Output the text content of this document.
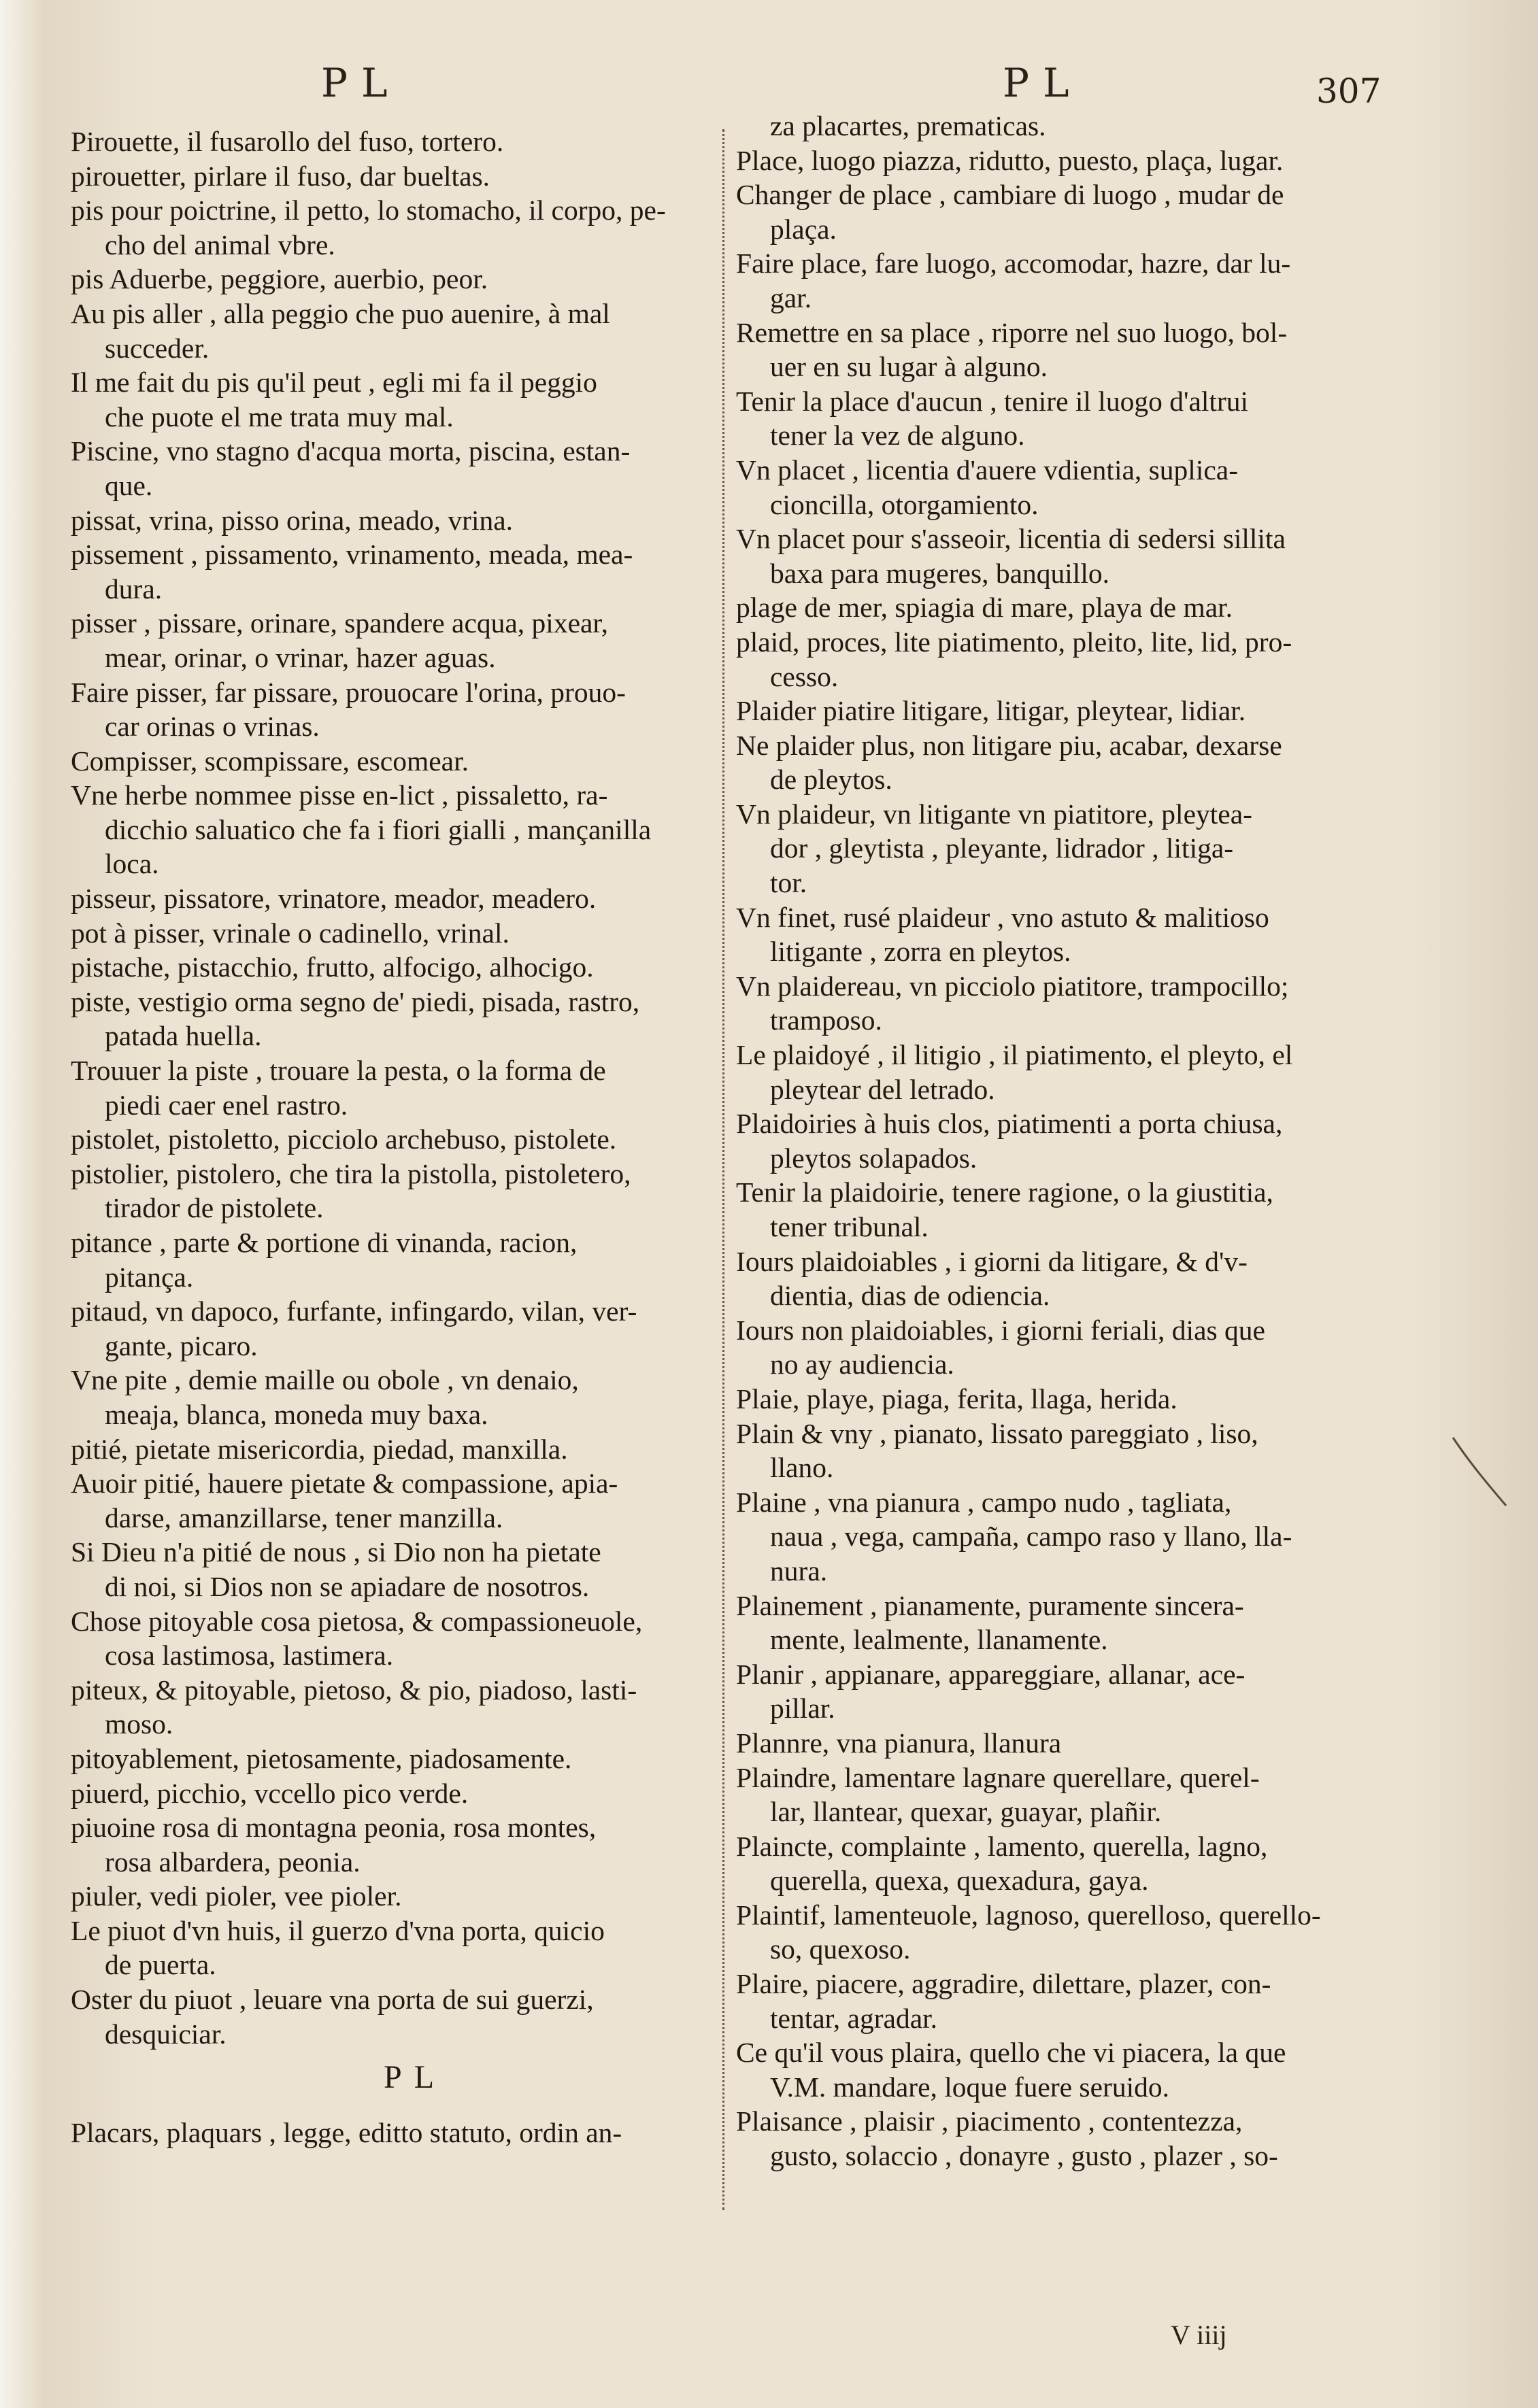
PL	PL	307
Pirouette, il fusarollo del fuso, tortero.
pirouetter, pirlare il fuso, dar bueltas.
pis pour poictrine, il petto, lo stomacho, il corpo, pe-
cho del animal vbre.
pis Aduerbe, peggiore, auerbio, peor.
Au pis aller , alla peggio che puo auenire, à mal
succeder.
Il me fait du pis qu'il peut , egli mi fa il peggio
che puote el me trata muy mal.
Piscine, vno stagno d'acqua morta, piscina, estan-
que.
pissat, vrina, pisso orina, meado, vrina.
pissement , pissamento, vrinamento, meada, mea-
dura.
pisser , pissare, orinare, spandere acqua, pixear,
mear, orinar, o vrinar, hazer aguas.
Faire pisser, far pissare, prouocare l'orina, prouo-
car orinas o vrinas.
Compisser, scompissare, escomear.
Vne herbe nommee pisse en-lict , pissaletto, ra-
dicchio saluatico che fa i fiori gialli , mançanilla
loca.
pisseur, pissatore, vrinatore, meador, meadero.
pot à pisser, vrinale o cadinello, vrinal.
pistache, pistacchio, frutto, alfocigo, alhocigo.
piste, vestigio orma segno de' piedi, pisada, rastro,
patada huella.
Trouuer la piste , trouare la pesta, o la forma de
piedi caer enel rastro.
pistolet, pistoletto, picciolo archebuso, pistolete.
pistolier, pistolero, che tira la pistolla, pistoletero,
tirador de pistolete.
pitance , parte & portione di vinanda, racion,
pitança.
pitaud, vn dapoco, furfante, infingardo, vilan, ver-
gante, picaro.
Vne pite , demie maille ou obole , vn denaio,
meaja, blanca, moneda muy baxa.
pitié, pietate misericordia, piedad, manxilla.
Auoir pitié, hauere pietate & compassione, apia-
darse, amanzillarse, tener manzilla.
Si Dieu n'a pitié de nous , si Dio non ha pietate
di noi, si Dios non se apiadare de nosotros.
Chose pitoyable cosa pietosa, & compassioneuole,
cosa lastimosa, lastimera.
piteux, & pitoyable, pietoso, & pio, piadoso, lasti-
moso.
pitoyablement, pietosamente, piadosamente.
piuerd, picchio, vccello pico verde.
piuoine rosa di montagna peonia, rosa montes,
rosa albardera, peonia.
piuler, vedi pioler, vee pioler.
Le piuot d'vn huis, il guerzo d'vna porta, quicio
de puerta.
Oster du piuot , leuare vna porta de sui guerzi,
desquiciar.
PL
Placars, plaquars , legge, editto statuto, ordin an-
za placartes, prematicas.
Place, luogo piazza, ridutto, puesto, plaça, lugar.
Changer de place , cambiare di luogo , mudar de
plaça.
Faire place, fare luogo, accomodar, hazre, dar lu-
gar.
Remettre en sa place , riporre nel suo luogo, bol-
uer en su lugar à alguno.
Tenir la place d'aucun , tenire il luogo d'altrui
tener la vez de alguno.
Vn placet , licentia d'auere vdientia, suplica-
cioncilla, otorgamiento.
Vn placet pour s'asseoir, licentia di sedersi sillita
baxa para mugeres, banquillo.
plage de mer, spiagia di mare, playa de mar.
plaid, proces, lite piatimento, pleito, lite, lid, pro-
cesso.
Plaider piatire litigare, litigar, pleytear, lidiar.
Ne plaider plus, non litigare piu, acabar, dexarse
de pleytos.
Vn plaideur, vn litigante vn piatitore, pleytea-
dor , gleytista , pleyante, lidrador , litiga-
tor.
Vn finet, rusé plaideur , vno astuto & malitioso
litigante , zorra en pleytos.
Vn plaidereau, vn picciolo piatitore, trampocillo;
tramposo.
Le plaidoyé , il litigio , il piatimento, el pleyto, el
pleytear del letrado.
Plaidoiries à huis clos, piatimenti a porta chiusa,
pleytos solapados.
Tenir la plaidoirie, tenere ragione, o la giustitia,
tener tribunal.
Iours plaidoiables , i giorni da litigare, & d'v-
dientia, dias de odiencia.
Iours non plaidoiables, i giorni feriali, dias que
no ay audiencia.
Plaie, playe, piaga, ferita, llaga, herida.
Plain & vny , pianato, lissato pareggiato , liso,
llano.
Plaine , vna pianura , campo nudo , tagliata,
naua , vega, campaña, campo raso y llano, lla-
nura.
Plainement , pianamente, puramente sincera-
mente, lealmente, llanamente.
Planir , appianare, appareggiare, allanar, ace-
pillar.
Plannre, vna pianura, llanura
Plaindre, lamentare lagnare querellare, querel-
lar, llantear, quexar, guayar, plañir.
Plaincte, complainte , lamento, querella, lagno,
querella, quexa, quexadura, gaya.
Plaintif, lamenteuole, lagnoso, querelloso, querello-
so, quexoso.
Plaire, piacere, aggradire, dilettare, plazer, con-
tentar, agradar.
Ce qu'il vous plaira, quello che vi piacera, la que
V.M. mandare, loque fuere seruido.
Plaisance , plaisir , piacimento , contentezza,
gusto, solaccio , donayre , gusto , plazer , so-
V iiij
